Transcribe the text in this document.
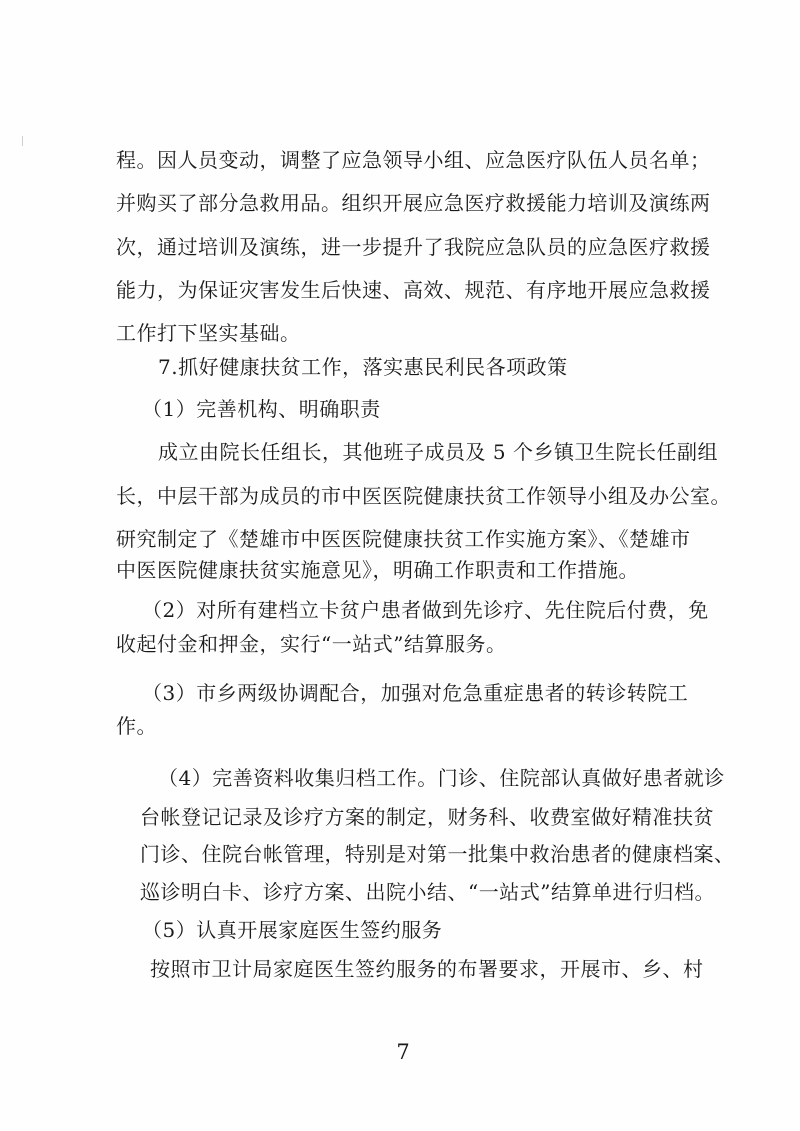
程。因人员变动，调整了应急领导小组、应急医疗队伍人员名单；
并购买了部分急救用品。组织开展应急医疗救援能力培训及演练两
次，通过培训及演练，进一步提升了我院应急队员的应急医疗救援
能力，为保证灾害发生后快速、高效、规范、有序地开展应急救援
工作打下坚实基础。
7.抓好健康扶贫工作，落实惠民利民各项政策
（1）完善机构、明确职责
成立由院长任组长，其他班子成员及 5 个乡镇卫生院长任副组
长，中层干部为成员的市中医医院健康扶贫工作领导小组及办公室。
研究制定了《楚雄市中医医院健康扶贫工作实施方案》、《楚雄市
中医医院健康扶贫实施意见》，明确工作职责和工作措施。
（2）对所有建档立卡贫户患者做到先诊疗、先住院后付费，免
收起付金和押金，实行“一站式”结算服务。
（3）市乡两级协调配合，加强对危急重症患者的转诊转院工
作。
（4）完善资料收集归档工作。门诊、住院部认真做好患者就诊
台帐登记记录及诊疗方案的制定，财务科、收费室做好精准扶贫
门诊、住院台帐管理，特别是对第一批集中救治患者的健康档案、
巡诊明白卡、诊疗方案、出院小结、“一站式”结算单进行归档。
（5）认真开展家庭医生签约服务
按照市卫计局家庭医生签约服务的布署要求，开展市、乡、村
7
